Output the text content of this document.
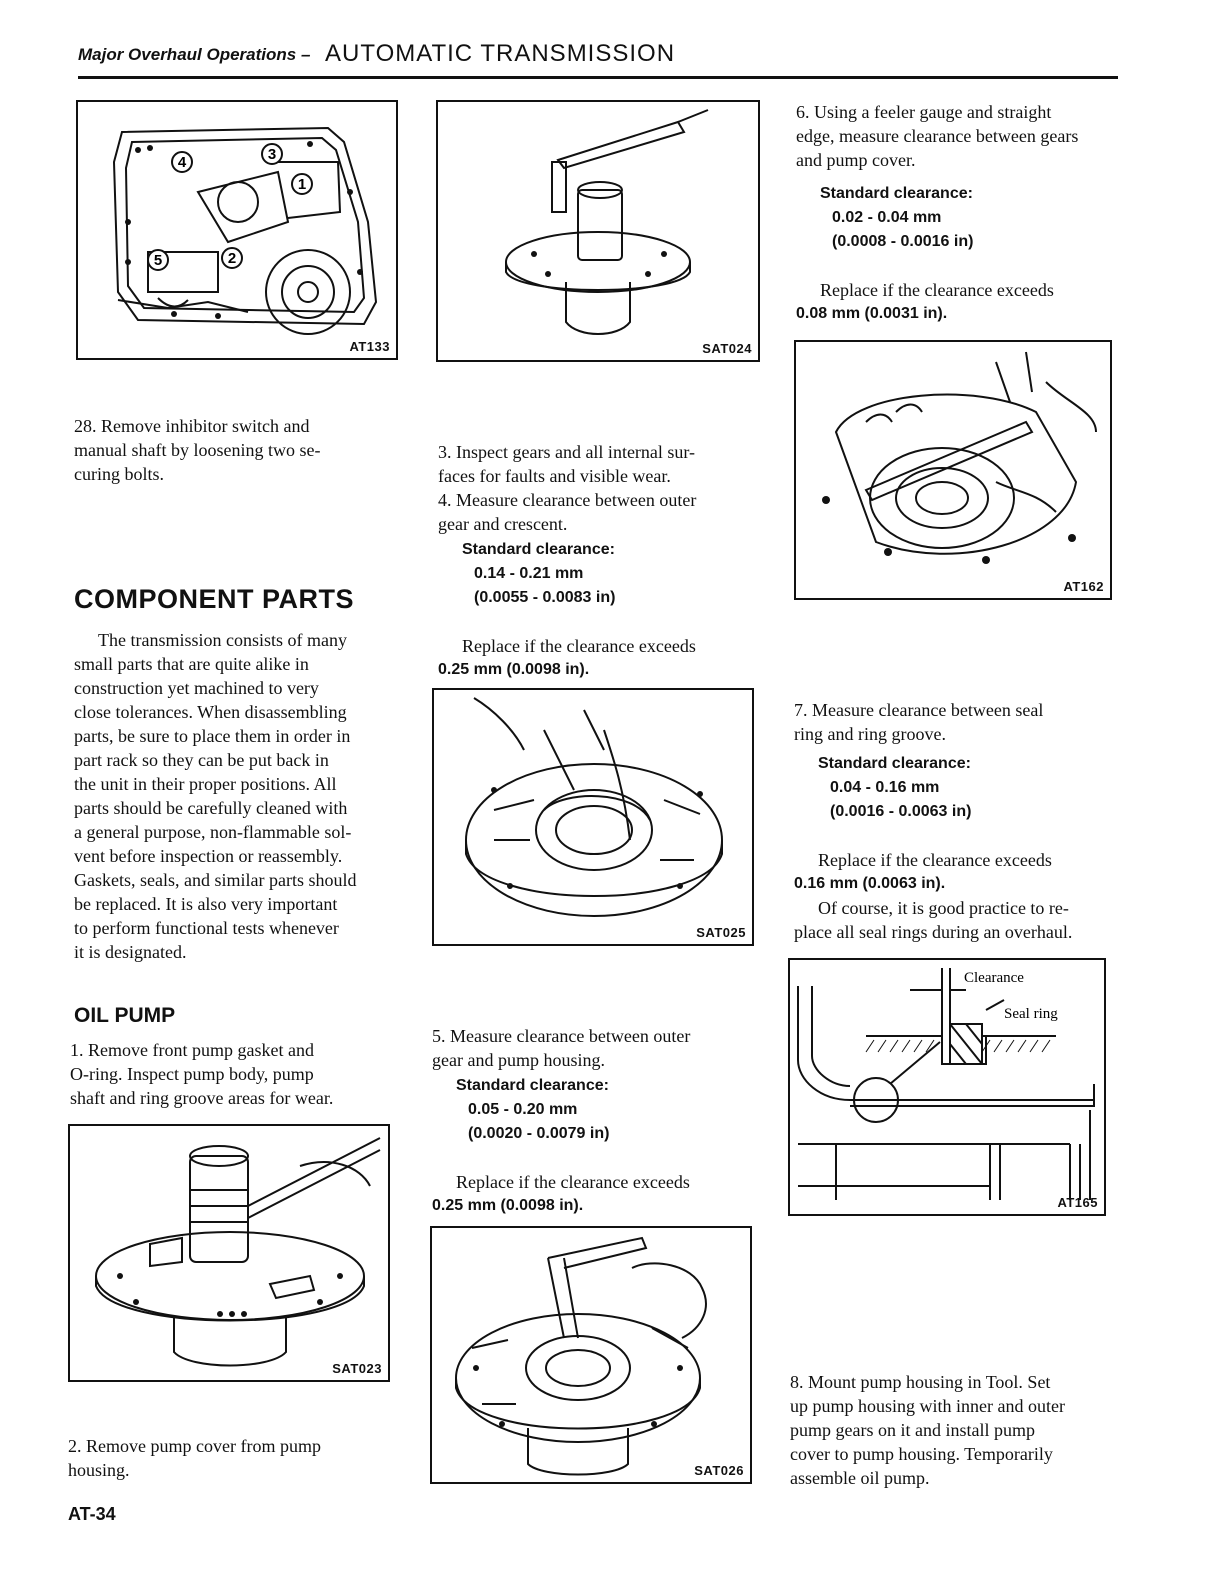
Major Overhaul Operations – AUTOMATIC TRANSMISSION
4	3
1
2
5
AT133	SAT024
6. Using a feeler gauge and straight
edge, measure clearance between gears
and pump cover.
Standard clearance:
0.02 - 0.04 mm
(0.0008 - 0.0016 in)
Replace if the clearance exceeds
0.08 mm (0.0031 in).
AT162
28. Remove inhibitor switch and
manual shaft by loosening two se-
curing bolts.
3. Inspect gears and all internal sur-
faces for faults and visible wear.
4. Measure clearance between outer
gear and crescent.
Standard clearance:
0.14 - 0.21 mm
(0.0055 - 0.0083 in)
Replace if the clearance exceeds
0.25 mm (0.0098 in).
COMPONENT PARTS
The transmission consists of many
small parts that are quite alike in
construction yet machined to very
close tolerances. When disassembling
parts, be sure to place them in order in
part rack so they can be put back in
the unit in their proper positions. All
parts should be carefully cleaned with
a general purpose, non-flammable sol-
vent before inspection or reassembly.
Gaskets, seals, and similar parts should
be replaced. It is also very important
to perform functional tests whenever
it is designated.
SAT025
7. Measure clearance between seal
ring and ring groove.
Standard clearance:
0.04 - 0.16 mm
(0.0016 - 0.0063 in)
Replace if the clearance exceeds
0.16 mm (0.0063 in).
Of course, it is good practice to re-
place all seal rings during an overhaul.
Clearance
Seal ring
AT165
OIL PUMP
1. Remove front pump gasket and
O-ring. Inspect pump body, pump
shaft and ring groove areas for wear.
5. Measure clearance between outer
gear and pump housing.
Standard clearance:
0.05 - 0.20 mm
(0.0020 - 0.0079 in)
Replace if the clearance exceeds
0.25 mm (0.0098 in).
SAT023
SAT026
8. Mount pump housing in Tool. Set
up pump housing with inner and outer
pump gears on it and install pump
cover to pump housing. Temporarily
assemble oil pump.
2. Remove pump cover from pump
housing.
AT-34
